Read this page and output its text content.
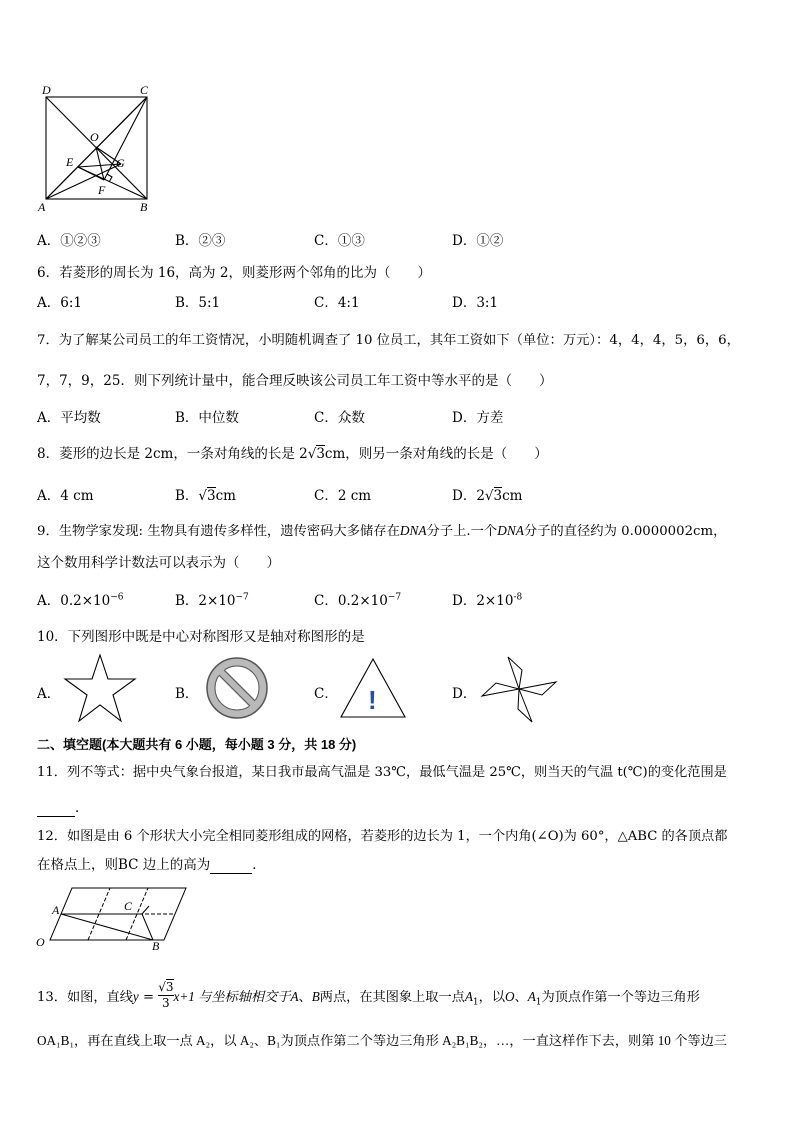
D	C
O
E	G
F
A	B
A．①②③	B．②③	C．①③	D．①②
6．若菱形的周长为 16，高为 2，则菱形两个邻角的比为（　　）
A．6:1	B．5:1	C．4:1	D．3:1
7．为了解某公司员工的年工资情况，小明随机调查了 10 位员工，其年工资如下（单位：万元）：4，4，4，5，6，6，
7，7，9，25．则下列统计量中，能合理反映该公司员工年工资中等水平的是（　　）
A．平均数	B．中位数	C．众数	D．方差
8．菱形的边长是 2cm，一条对角线的长是 2√3cm，则另一条对角线的长是（　　）
A．4 cm	B．√3cm	C．2 cm	D．2√3cm
9．生物学家发现: 生物具有遗传多样性，遗传密码大多储存在DNA分子上.一个DNA分子的直径约为 0.0000002cm，
这个数用科学计数法可以表示为（　　）
A．$0.2\times 10^{-6}$	B．$2\times 10^{-7}$	C．$0.2\times 10^{-7}$	D．$2\times 10^{-8}$
10．下列图形中既是中心对称图形又是轴对称图形的是
A．	B．	C．	D．
!
二、填空题(本大题共有 6 小题，每小题 3 分，共 18 分)
11．列不等式：据中央气象台报道，某日我市最高气温是 33℃，最低气温是 25℃，则当天的气温 t(℃)的变化范围是
．
12．如图是由 6 个形状大小完全相同菱形组成的网格，若菱形的边长为 1，一个内角(∠O)为 60°，△ABC 的各顶点都
在格点上，则BC 边上的高为	．
A	C
O	B
13．如图，直线$y = \frac{√3}{3} x+1$ 与坐标轴相交于A、B两点，在其图象上取一点$A_1$，以O、$A_1$为顶点作第一个等边三角形
OA₁B₁，再在直线上取一点 A₂，以 A₂、B₁为顶点作第二个等边三角形 A₂B₁B₂，…，一直这样作下去，则第 10 个等边三
